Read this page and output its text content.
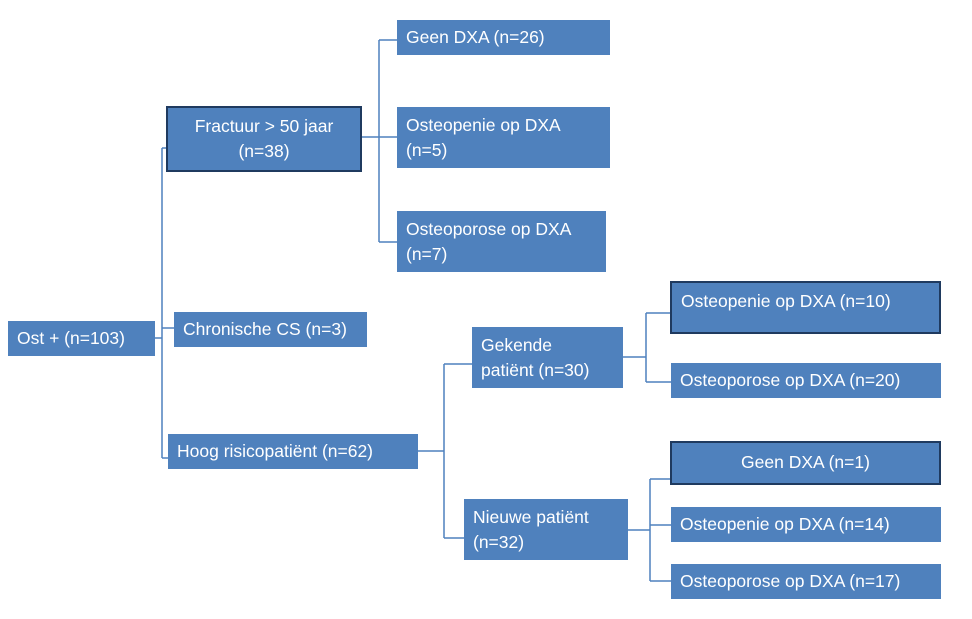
Ost + (n=103)
Fractuur > 50 jaar
(n=38)
Geen DXA (n=26)
Osteopenie op DXA
(n=5)
Osteoporose op DXA
(n=7)
Chronische CS (n=3)
Hoog risicopatiënt (n=62)
Gekende
patiënt (n=30)
Osteopenie op DXA (n=10)
Osteoporose op DXA (n=20)
Nieuwe patiënt
(n=32)
Geen DXA (n=1)
Osteopenie op DXA (n=14)
Osteoporose op DXA (n=17)
